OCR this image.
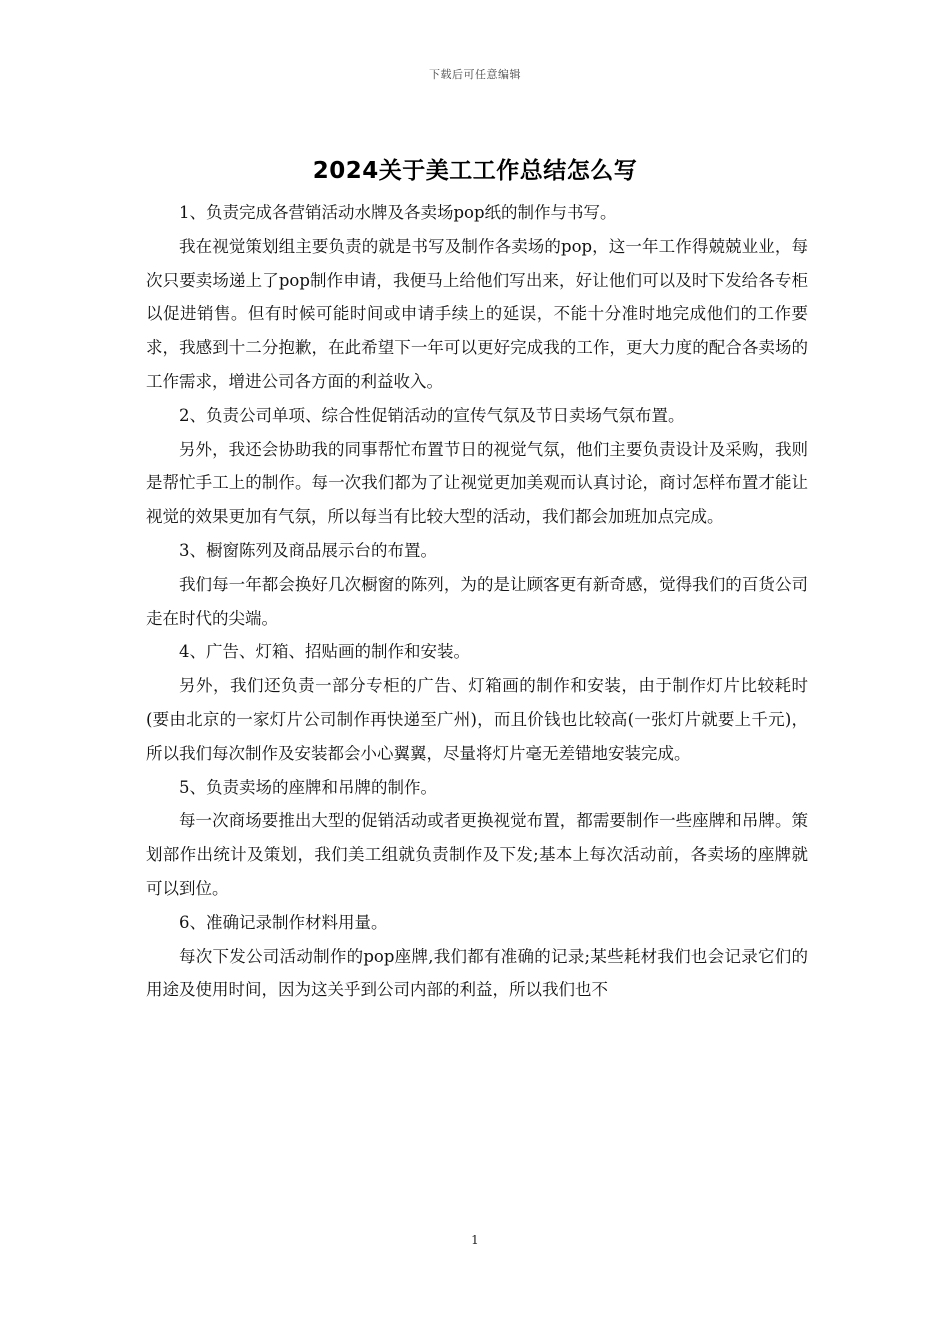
下载后可任意编辑
2024关于美工工作总结怎么写

1、负责完成各营销活动水牌及各卖场pop纸的制作与书写。

我在视觉策划组主要负责的就是书写及制作各卖场的pop，这一年工作得兢兢业业，每次只要卖场递上了pop制作申请，我便马上给他们写出来，好让他们可以及时下发给各专柜以促进销售。但有时候可能时间或申请手续上的延误，不能十分准时地完成他们的工作要求，我感到十二分抱歉，在此希望下一年可以更好完成我的工作，更大力度的配合各卖场的工作需求，增进公司各方面的利益收入。

2、负责公司单项、综合性促销活动的宣传气氛及节日卖场气氛布置。

另外，我还会协助我的同事帮忙布置节日的视觉气氛，他们主要负责设计及采购，我则是帮忙手工上的制作。每一次我们都为了让视觉更加美观而认真讨论，商讨怎样布置才能让视觉的效果更加有气氛，所以每当有比较大型的活动，我们都会加班加点完成。

3、橱窗陈列及商品展示台的布置。

我们每一年都会换好几次橱窗的陈列，为的是让顾客更有新奇感，觉得我们的百货公司走在时代的尖端。

4、广告、灯箱、招贴画的制作和安装。

另外，我们还负责一部分专柜的广告、灯箱画的制作和安装，由于制作灯片比较耗时(要由北京的一家灯片公司制作再快递至广州)，而且价钱也比较高(一张灯片就要上千元)，所以我们每次制作及安装都会小心翼翼，尽量将灯片毫无差错地安装完成。

5、负责卖场的座牌和吊牌的制作。

每一次商场要推出大型的促销活动或者更换视觉布置，都需要制作一些座牌和吊牌。策划部作出统计及策划，我们美工组就负责制作及下发;基本上每次活动前，各卖场的座牌就可以到位。

6、准确记录制作材料用量。

每次下发公司活动制作的pop座牌,我们都有准确的记录;某些耗材我们也会记录它们的用途及使用时间，因为这关乎到公司内部的利益，所以我们也不

1
